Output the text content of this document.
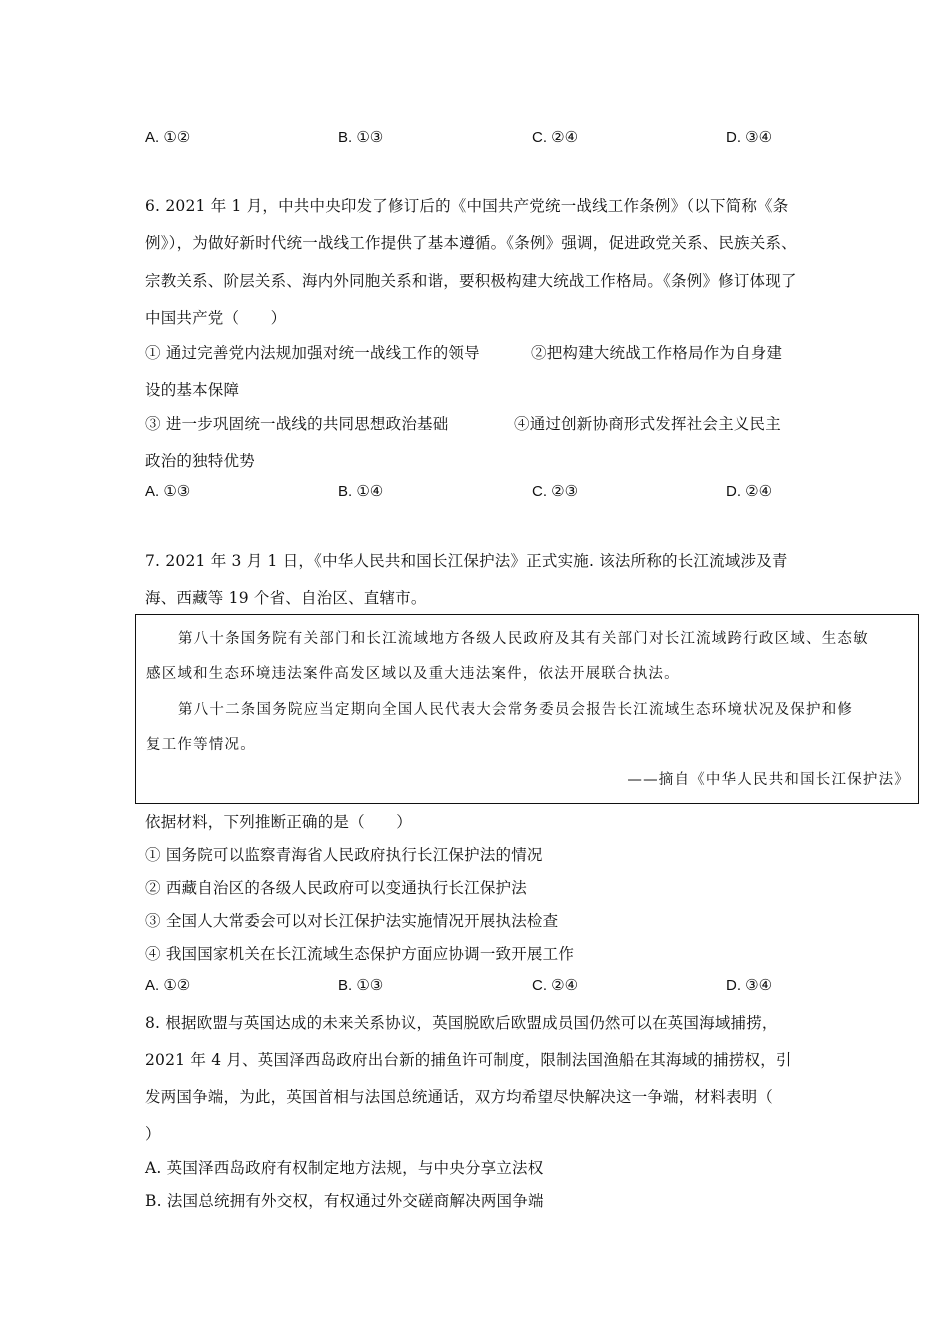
A. ①②	B. ①③	C. ②④	D. ③④
6. 2021 年 1 月，中共中央印发了修订后的《中国共产党统一战线工作条例》（以下简称《条
例》），为做好新时代统一战线工作提供了基本遵循。《条例》强调，促进政党关系、民族关系、
宗教关系、阶层关系、海内外同胞关系和谐，要积极构建大统战工作格局。《条例》修订体现了
中国共产党（　　）
① 通过完善党内法规加强对统一战线工作的领导	②把构建大统战工作格局作为自身建
设的基本保障
③ 进一步巩固统一战线的共同思想政治基础	④通过创新协商形式发挥社会主义民主
政治的独特优势
A. ①③	B. ①④	C. ②③	D. ②④
7. 2021 年 3 月 1 日，《中华人民共和国长江保护法》正式实施. 该法所称的长江流域涉及青
海、西藏等 19 个省、自治区、直辖市。
第八十条国务院有关部门和长江流域地方各级人民政府及其有关部门对长江流域跨行政区域、生态敏
感区域和生态环境违法案件高发区域以及重大违法案件，依法开展联合执法。
第八十二条国务院应当定期向全国人民代表大会常务委员会报告长江流域生态环境状况及保护和修
复工作等情况。
——摘自《中华人民共和国长江保护法》
依据材料，下列推断正确的是（　　）
① 国务院可以监察青海省人民政府执行长江保护法的情况
② 西藏自治区的各级人民政府可以变通执行长江保护法
③ 全国人大常委会可以对长江保护法实施情况开展执法检查
④ 我国国家机关在长江流域生态保护方面应协调一致开展工作
A. ①②	B. ①③	C. ②④	D. ③④
8. 根据欧盟与英国达成的未来关系协议，英国脱欧后欧盟成员国仍然可以在英国海域捕捞，
2021 年 4 月、英国泽西岛政府出台新的捕鱼许可制度，限制法国渔船在其海域的捕捞权，引
发两国争端，为此，英国首相与法国总统通话，双方均希望尽快解决这一争端，材料表明（
）
A. 英国泽西岛政府有权制定地方法规，与中央分享立法权
B. 法国总统拥有外交权，有权通过外交磋商解决两国争端
